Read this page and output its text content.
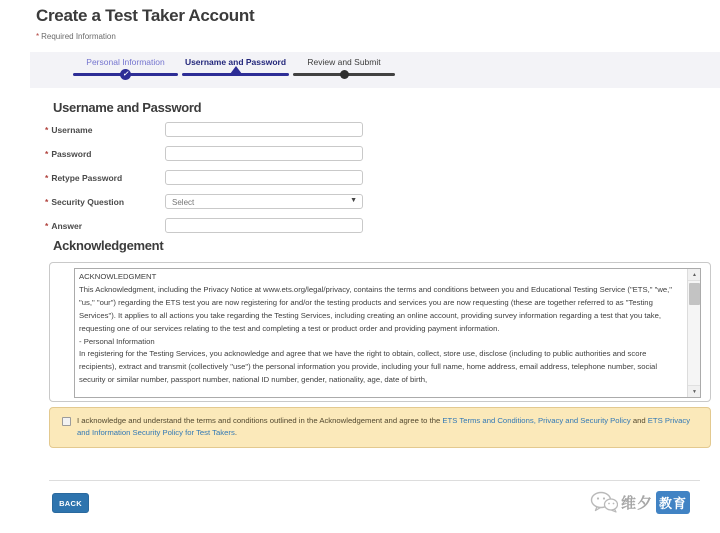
Create a Test Taker Account
* Required Information
Personal Information
✓
Username and Password	Review and Submit
Username and Password
* Username
* Password
* Retype Password
* Security Question	Select	▼
* Answer
Acknowledgement

ACKNOWLEDGMENT

This Acknowledgment, including the Privacy Notice at www.ets.org/legal/privacy, contains the terms and conditions between you and Educational Testing Service ("ETS," "we," "us," "our") regarding the ETS test you are now registering for and/or the testing products and services you are now requesting (these are together referred to as "Testing Services"). It applies to all actions you take regarding the Testing Services, including creating an online account, providing survey information regarding a test that you take, requesting one of our services relating to the test and completing a test or product order and providing payment information.

- Personal Information

In registering for the Testing Services, you acknowledge and agree that we have the right to obtain, collect, store use, disclose (including to public authorities and score recipients), extract and transmit (collectively "use") the personal information you provide, including your full name, home address, email address, telephone number, social security or similar number, passport number, national ID number, gender, nationality, age, date of birth,

▲
▼
I acknowledge and understand the terms and conditions outlined in the Acknowledgement and agree to the ETS Terms and Conditions, Privacy and Security Policy and ETS Privacy and Information Security Policy for Test Takers.
BACK	维夕 教育
